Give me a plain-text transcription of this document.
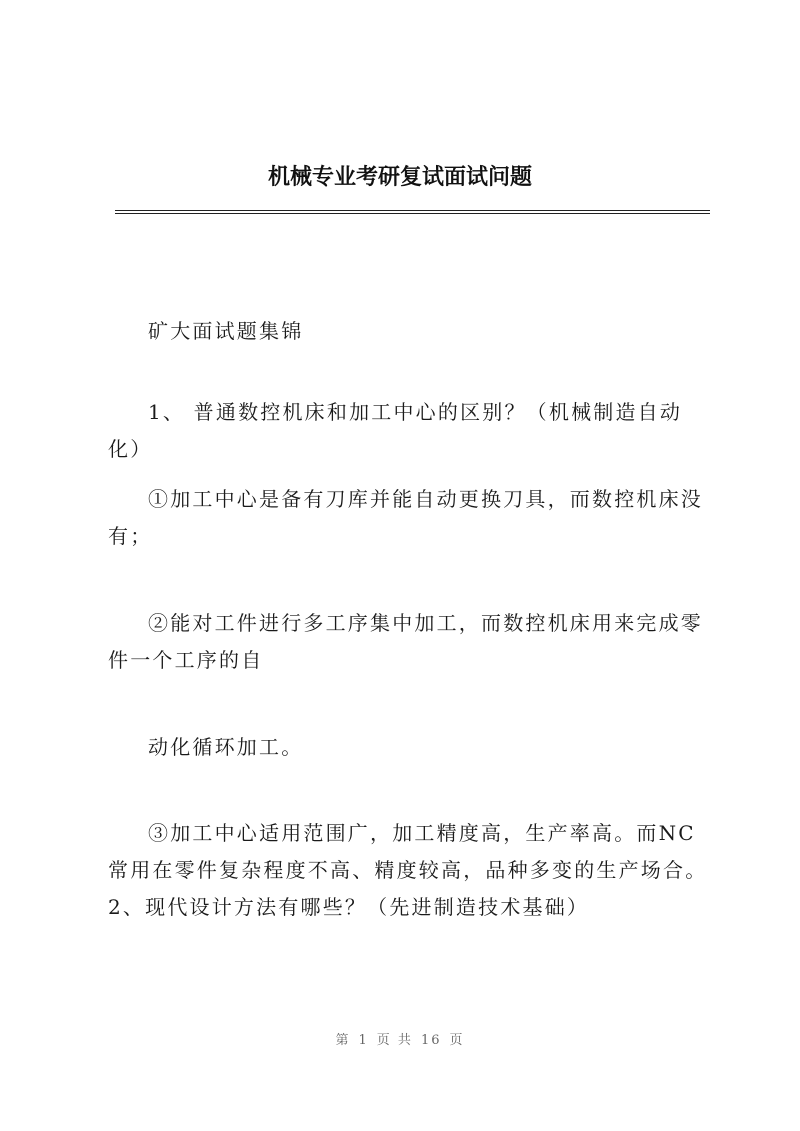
机械专业考研复试面试问题
矿大面试题集锦
1、 普通数控机床和加工中心的区别？（机械制造自动化）
①加工中心是备有刀库并能自动更换刀具，而数控机床没有；
②能对工件进行多工序集中加工，而数控机床用来完成零件一个工序的自
动化循环加工。
③加工中心适用范围广，加工精度高，生产率高。而NC常用在零件复杂程度不高、精度较高，品种多变的生产场合。 2、现代设计方法有哪些？（先进制造技术基础）
第 1 页 共 16 页
